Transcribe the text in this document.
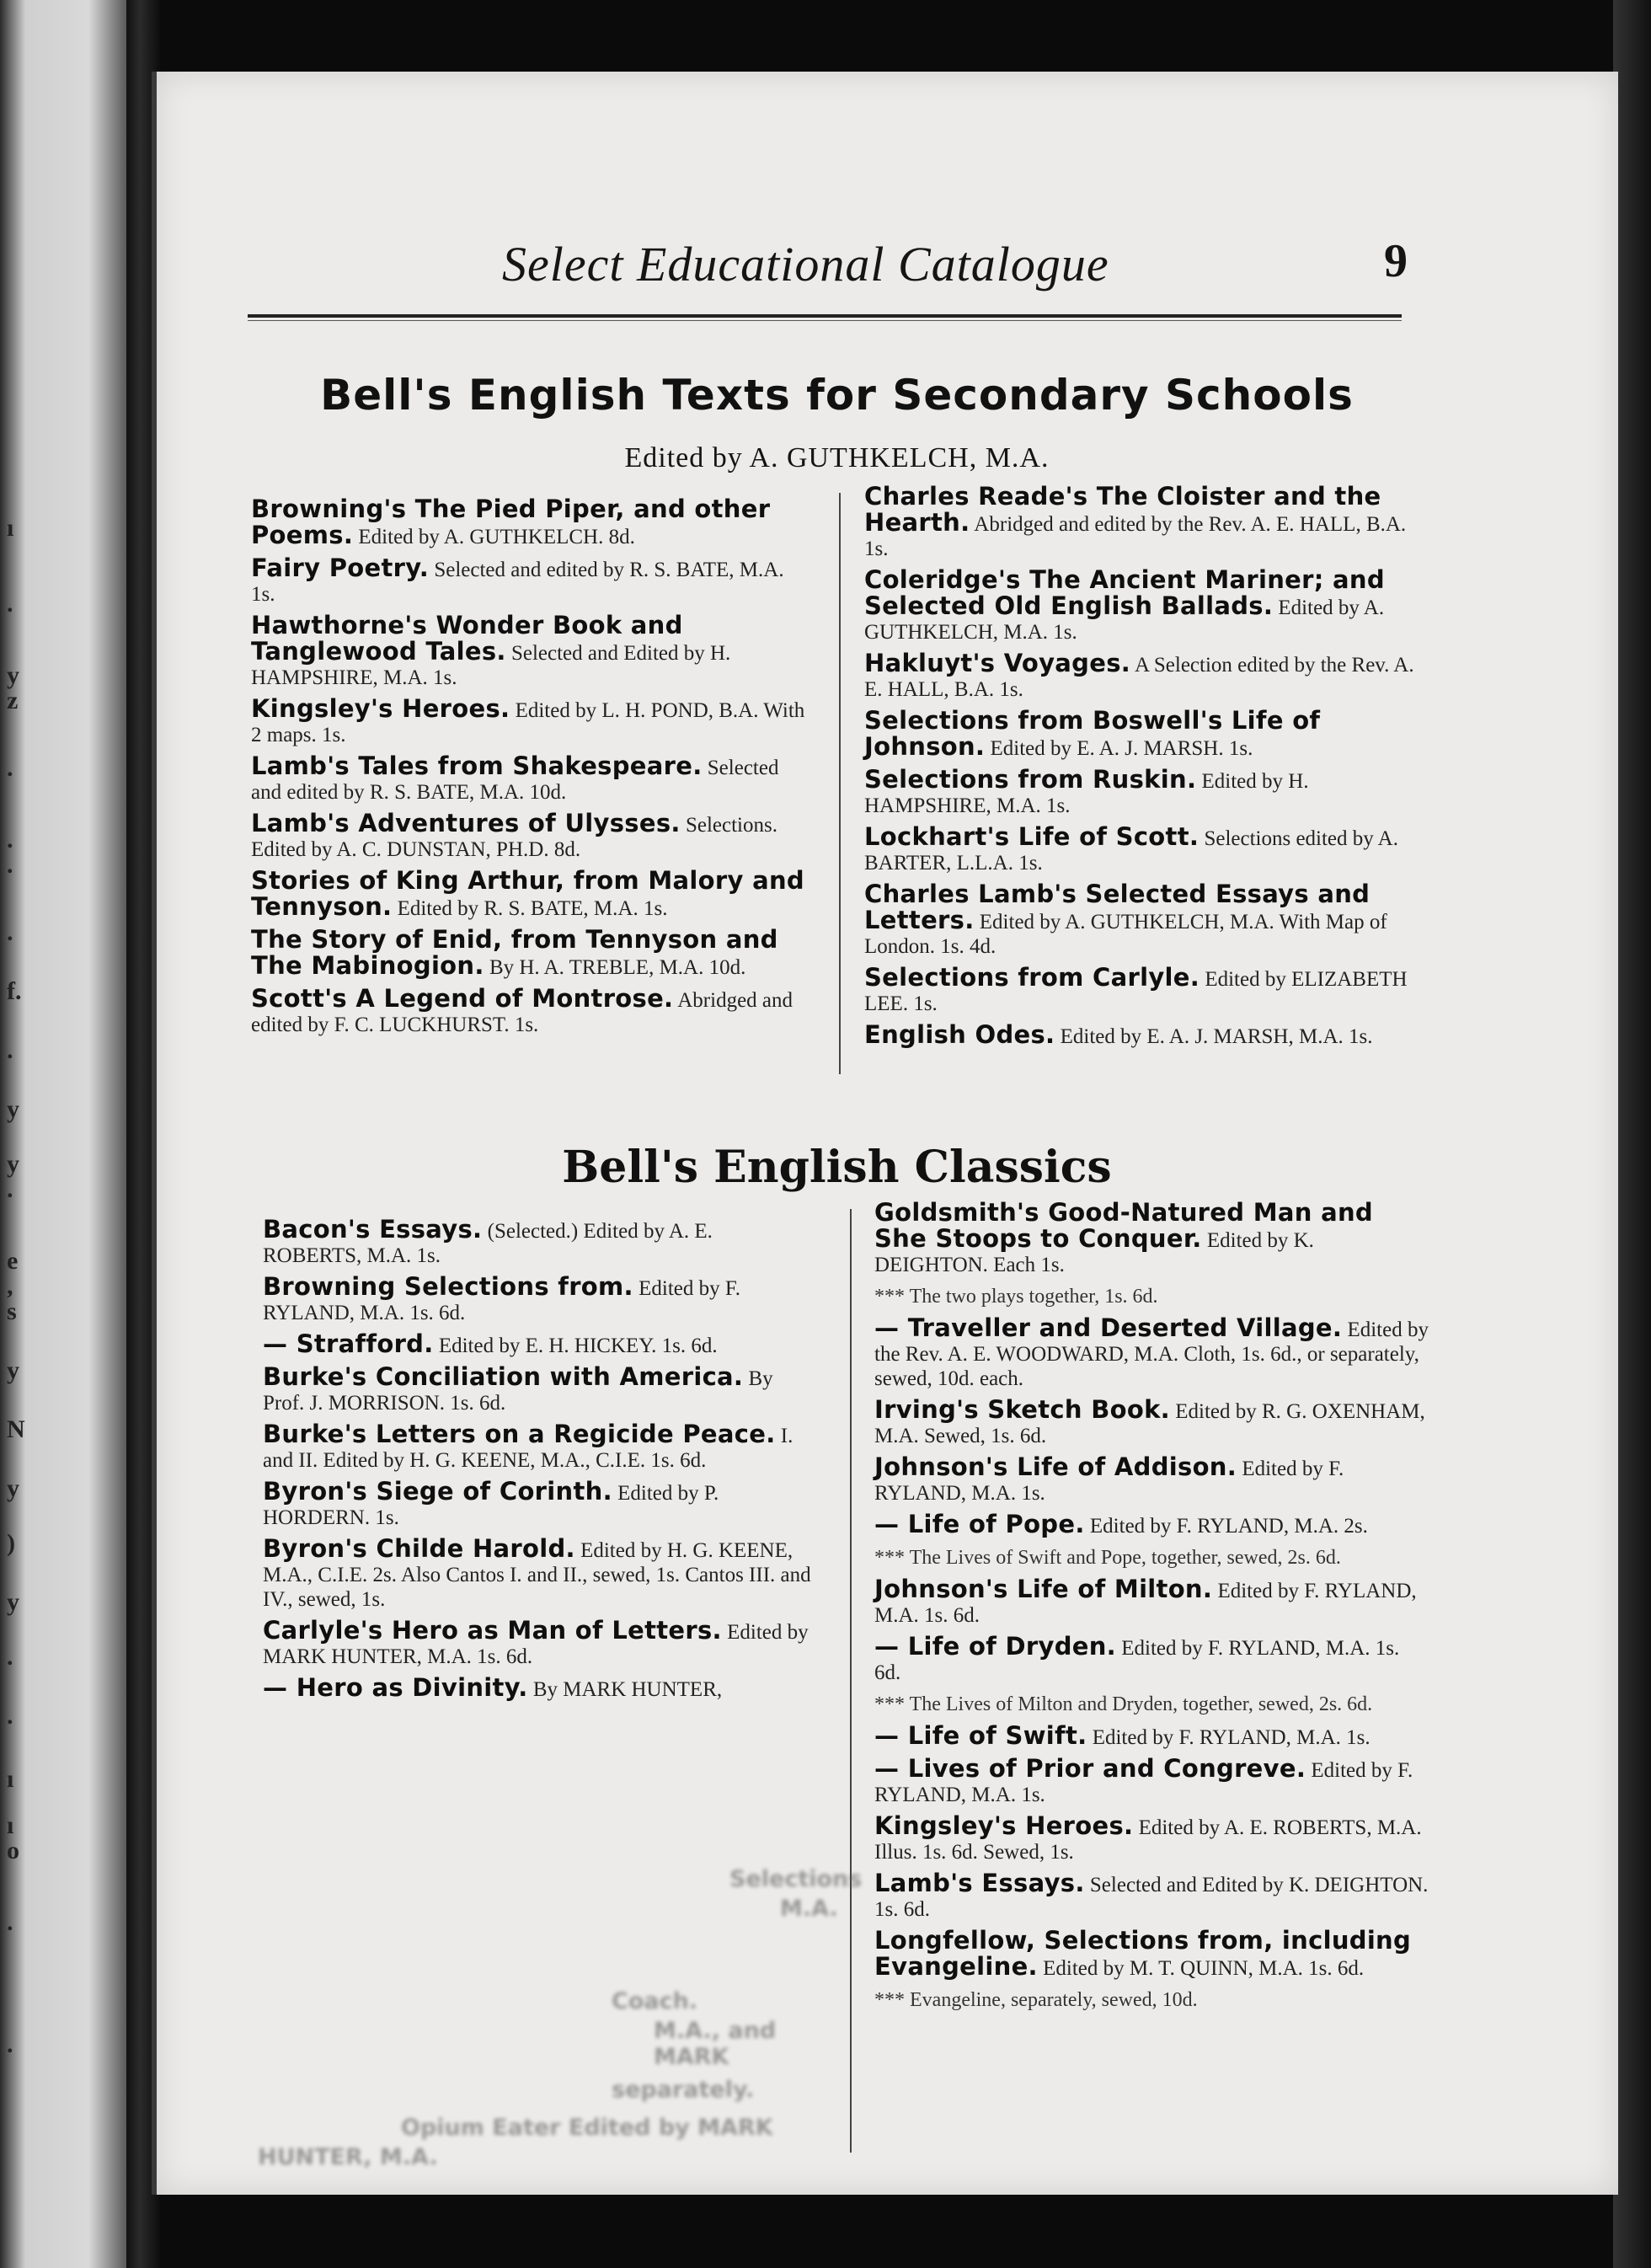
ı
.
y
z
.
.
.
.
f.
.
y
y
.
e
,
s
y
N
y
)
y
.
.
ı
ı
o
.
.
Select Educational Catalogue	9
Bell's English Texts for Secondary Schools
Edited by A. GUTHKELCH, M.A.
Browning's The Pied Piper, and other Poems. Edited by A. GUTHKELCH. 8d.
Fairy Poetry. Selected and edited by R. S. BATE, M.A. 1s.
Hawthorne's Wonder Book and Tanglewood Tales. Selected and Edited by H. HAMPSHIRE, M.A. 1s.
Kingsley's Heroes. Edited by L. H. POND, B.A. With 2 maps. 1s.
Lamb's Tales from Shakespeare. Selected and edited by R. S. BATE, M.A. 10d.
Lamb's Adventures of Ulysses. Selections. Edited by A. C. DUNSTAN, PH.D. 8d.
Stories of King Arthur, from Malory and Tennyson. Edited by R. S. BATE, M.A. 1s.
The Story of Enid, from Tennyson and The Mabinogion. By H. A. TREBLE, M.A. 10d.
Scott's A Legend of Montrose. Abridged and edited by F. C. LUCKHURST. 1s.
Charles Reade's The Cloister and the Hearth. Abridged and edited by the Rev. A. E. HALL, B.A. 1s.
Coleridge's The Ancient Mariner; and Selected Old English Ballads. Edited by A. GUTHKELCH, M.A. 1s.
Hakluyt's Voyages. A Selection edited by the Rev. A. E. HALL, B.A. 1s.
Selections from Boswell's Life of Johnson. Edited by E. A. J. MARSH. 1s.
Selections from Ruskin. Edited by H. HAMPSHIRE, M.A. 1s.
Lockhart's Life of Scott. Selections edited by A. BARTER, L.L.A. 1s.
Charles Lamb's Selected Essays and Letters. Edited by A. GUTHKELCH, M.A. With Map of London. 1s. 4d.
Selections from Carlyle. Edited by ELIZABETH LEE. 1s.
English Odes. Edited by E. A. J. MARSH, M.A. 1s.
Bell's English Classics
Bacon's Essays. (Selected.) Edited by A. E. ROBERTS, M.A. 1s.
Browning Selections from. Edited by F. RYLAND, M.A. 1s. 6d.
— Strafford. Edited by E. H. HICKEY. 1s. 6d.
Burke's Conciliation with America. By Prof. J. MORRISON. 1s. 6d.
Burke's Letters on a Regicide Peace. I. and II. Edited by H. G. KEENE, M.A., C.I.E. 1s. 6d.
Byron's Siege of Corinth. Edited by P. HORDERN. 1s.
Byron's Childe Harold. Edited by H. G. KEENE, M.A., C.I.E. 2s. Also Cantos I. and II., sewed, 1s. Cantos III. and IV., sewed, 1s.
Carlyle's Hero as Man of Letters. Edited by MARK HUNTER, M.A. 1s. 6d.
— Hero as Divinity. By MARK HUNTER,
Goldsmith's Good-Natured Man and She Stoops to Conquer. Edited by K. DEIGHTON. Each 1s.
*** The two plays together, 1s. 6d.
— Traveller and Deserted Village. Edited by the Rev. A. E. WOODWARD, M.A. Cloth, 1s. 6d., or separately, sewed, 10d. each.
Irving's Sketch Book. Edited by R. G. OXENHAM, M.A. Sewed, 1s. 6d.
Johnson's Life of Addison. Edited by F. RYLAND, M.A. 1s.
— Life of Pope. Edited by F. RYLAND, M.A. 2s.
*** The Lives of Swift and Pope, together, sewed, 2s. 6d.
Johnson's Life of Milton. Edited by F. RYLAND, M.A. 1s. 6d.
— Life of Dryden. Edited by F. RYLAND, M.A. 1s. 6d.
*** The Lives of Milton and Dryden, together, sewed, 2s. 6d.
— Life of Swift. Edited by F. RYLAND, M.A. 1s.
— Lives of Prior and Congreve. Edited by F. RYLAND, M.A. 1s.
Kingsley's Heroes. Edited by A. E. ROBERTS, M.A. Illus. 1s. 6d. Sewed, 1s.
Lamb's Essays. Selected and Edited by K. DEIGHTON. 1s. 6d.
Longfellow, Selections from, including Evangeline. Edited by M. T. QUINN, M.A. 1s. 6d.
*** Evangeline, separately, sewed, 10d.
Selections
M.A.
Coach.
M.A., and MARK
separately.
Opium Eater Edited by MARK
HUNTER, M.A.
